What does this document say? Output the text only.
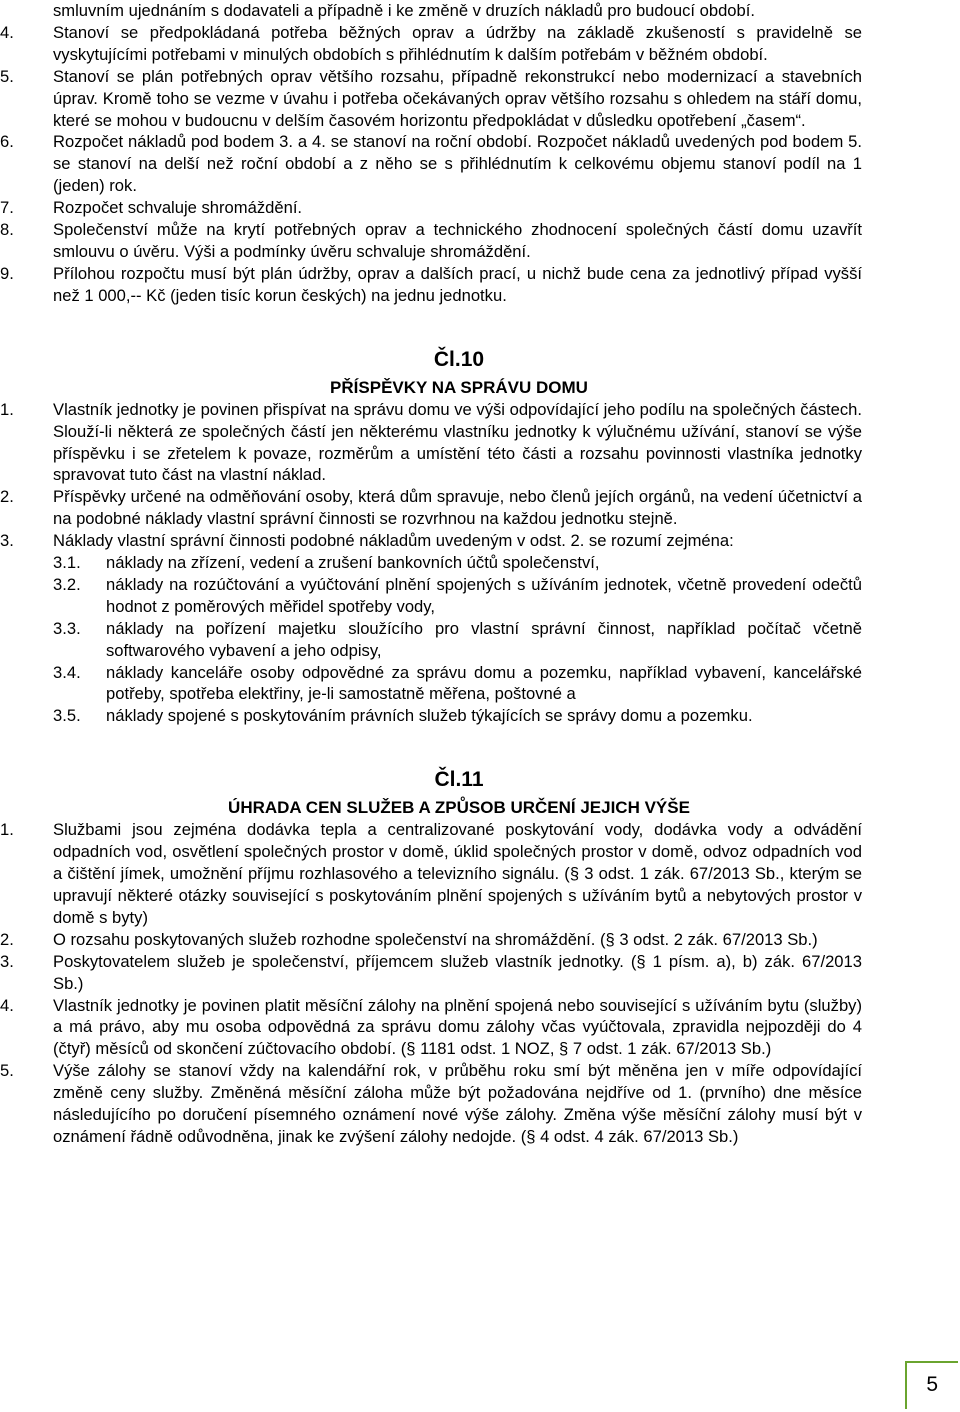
smluvním ujednáním s dodavateli a případně i ke změně v druzích nákladů pro budoucí období.
4. Stanoví se předpokládaná potřeba běžných oprav a údržby na základě zkušeností s pravidelně se vyskytujícími potřebami v minulých obdobích s přihlédnutím k dalším potřebám v běžném období.
5. Stanoví se plán potřebných oprav většího rozsahu, případně rekonstrukcí nebo modernizací a stavebních úprav. Kromě toho se vezme v úvahu i potřeba očekávaných oprav většího rozsahu s ohledem na stáří domu, které se mohou v budoucnu v delším časovém horizontu předpokládat v důsledku opotřebení „časem“.
6. Rozpočet nákladů pod bodem 3. a 4. se stanoví na roční období. Rozpočet nákladů uvedených pod bodem 5. se stanoví na delší než roční období a z něho se s přihlédnutím k celkovému objemu stanoví podíl na 1 (jeden) rok.
7. Rozpočet schvaluje shromáždění.
8. Společenství může na krytí potřebných oprav a technického zhodnocení společných částí domu uzavřít smlouvu o úvěru. Výši a podmínky úvěru schvaluje shromáždění.
9. Přílohou rozpočtu musí být plán údržby, oprav a dalších prací, u nichž bude cena za jednotlivý případ vyšší než 1 000,-- Kč (jeden tisíc korun českých) na jednu jednotku.
Čl.10
PŘÍSPĚVKY NA SPRÁVU DOMU
1. Vlastník jednotky je povinen přispívat na správu domu ve výši odpovídající jeho podílu na společných částech. Slouží-li některá ze společných částí jen některému vlastníku jednotky k výlučnému užívání, stanoví se výše příspěvku i se zřetelem k povaze, rozměrům a umístění této části a rozsahu povinnosti vlastníka jednotky spravovat tuto část na vlastní náklad.
2. Příspěvky určené na odměňování osoby, která dům spravuje, nebo členů jejích orgánů, na vedení účetnictví a na podobné náklady vlastní správní činnosti se rozvrhnou na každou jednotku stejně.
3. Náklady vlastní správní činnosti podobné nákladům uvedeným v odst. 2. se rozumí zejména:
3.1. náklady na zřízení, vedení a zrušení bankovních účtů společenství,
3.2. náklady na rozúčtování a vyúčtování plnění spojených s užíváním jednotek, včetně provedení odečtů hodnot z poměrových měřidel spotřeby vody,
3.3. náklady na pořízení majetku sloužícího pro vlastní správní činnost, například počítač včetně softwarového vybavení a jeho odpisy,
3.4. náklady kanceláře osoby odpovědné za správu domu a pozemku, například vybavení, kancelářské potřeby, spotřeba elektřiny, je-li samostatně měřena, poštovné a
3.5. náklady spojené s poskytováním právních služeb týkajících se správy domu a pozemku.
Čl.11
ÚHRADA CEN SLUŽEB A ZPŮSOB URČENÍ JEJICH VÝŠE
1. Službami jsou zejména dodávka tepla a centralizované poskytování vody, dodávka vody a odvádění odpadních vod, osvětlení společných prostor v domě, úklid společných prostor v domě, odvoz odpadních vod a čištění jímek, umožnění příjmu rozhlasového a televizního signálu. (§ 3 odst. 1 zák. 67/2013 Sb., kterým se upravují některé otázky související s poskytováním plnění spojených s užíváním bytů a nebytových prostor v domě s byty)
2. O rozsahu poskytovaných služeb rozhodne společenství na shromáždění. (§ 3 odst. 2 zák. 67/2013 Sb.)
3. Poskytovatelem služeb je společenství, příjemcem služeb vlastník jednotky. (§ 1 písm. a), b) zák. 67/2013 Sb.)
4. Vlastník jednotky je povinen platit měsíční zálohy na plnění spojená nebo související s užíváním bytu (služby) a má právo, aby mu osoba odpovědná za správu domu zálohy včas vyúčtovala, zpravidla nejpozději do 4 (čtyř) měsíců od skončení zúčtovacího období. (§ 1181 odst. 1 NOZ, § 7 odst. 1 zák. 67/2013 Sb.)
5. Výše zálohy se stanoví vždy na kalendářní rok, v průběhu roku smí být měněna jen v míře odpovídající změně ceny služby. Změněná měsíční záloha může být požadována nejdříve od 1. (prvního) dne měsíce následujícího po doručení písemného oznámení nové výše zálohy. Změna výše měsíční zálohy musí být v oznámení řádně odůvodněna, jinak ke zvýšení zálohy nedojde. (§ 4 odst. 4 zák. 67/2013 Sb.)
5
